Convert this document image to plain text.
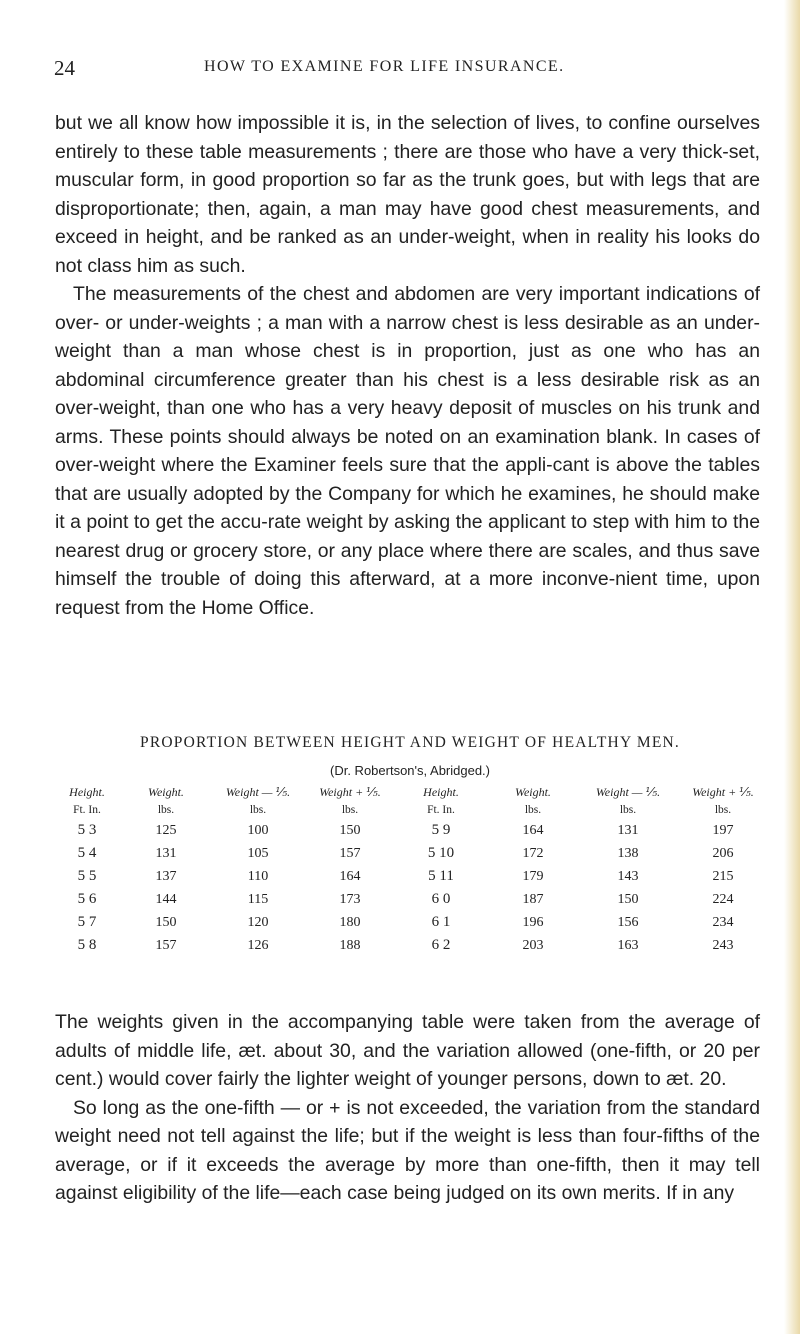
24	HOW TO EXAMINE FOR LIFE INSURANCE.

but we all know how impossible it is, in the selection of lives, to confine ourselves entirely to these table measurements ; there are those who have a very thick-set, muscular form, in good proportion so far as the trunk goes, but with legs that are disproportionate; then, again, a man may have good chest measurements, and exceed in height, and be ranked as an under-weight, when in reality his looks do not class him as such.

The measurements of the chest and abdomen are very important indications of over- or under-weights ; a man with a narrow chest is less desirable as an under-weight than a man whose chest is in proportion, just as one who has an abdominal circumference greater than his chest is a less desirable risk as an over-weight, than one who has a very heavy deposit of muscles on his trunk and arms. These points should always be noted on an examination blank. In cases of over-weight where the Examiner feels sure that the appli-cant is above the tables that are usually adopted by the Company for which he examines, he should make it a point to get the accu-rate weight by asking the applicant to step with him to the nearest drug or grocery store, or any place where there are scales, and thus save himself the trouble of doing this afterward, at a more inconve-nient time, upon request from the Home Office.

PROPORTION BETWEEN HEIGHT AND WEIGHT OF HEALTHY MEN.
(Dr. Robertson's, Abridged.)
Height.	Weight.	Weight — ⅕.	Weight + ⅕.	Height.	Weight.	Weight — ⅕.	Weight + ⅕.
Ft. In.	lbs.	lbs.	lbs.	Ft. In.	lbs.	lbs.	lbs.
5 3	125	100	150	5 9	164	131	197
5 4	131	105	157	5 10	172	138	206
5 5	137	110	164	5 11	179	143	215
5 6	144	115	173	6 0	187	150	224
5 7	150	120	180	6 1	196	156	234
5 8	157	126	188	6 2	203	163	243

The weights given in the accompanying table were taken from the average of adults of middle life, æt. about 30, and the variation allowed (one-fifth, or 20 per cent.) would cover fairly the lighter weight of younger persons, down to æt. 20.

So long as the one-fifth — or + is not exceeded, the variation from the standard weight need not tell against the life; but if the weight is less than four-fifths of the average, or if it exceeds the average by more than one-fifth, then it may tell against eligibility of the life—each case being judged on its own merits. If in any
